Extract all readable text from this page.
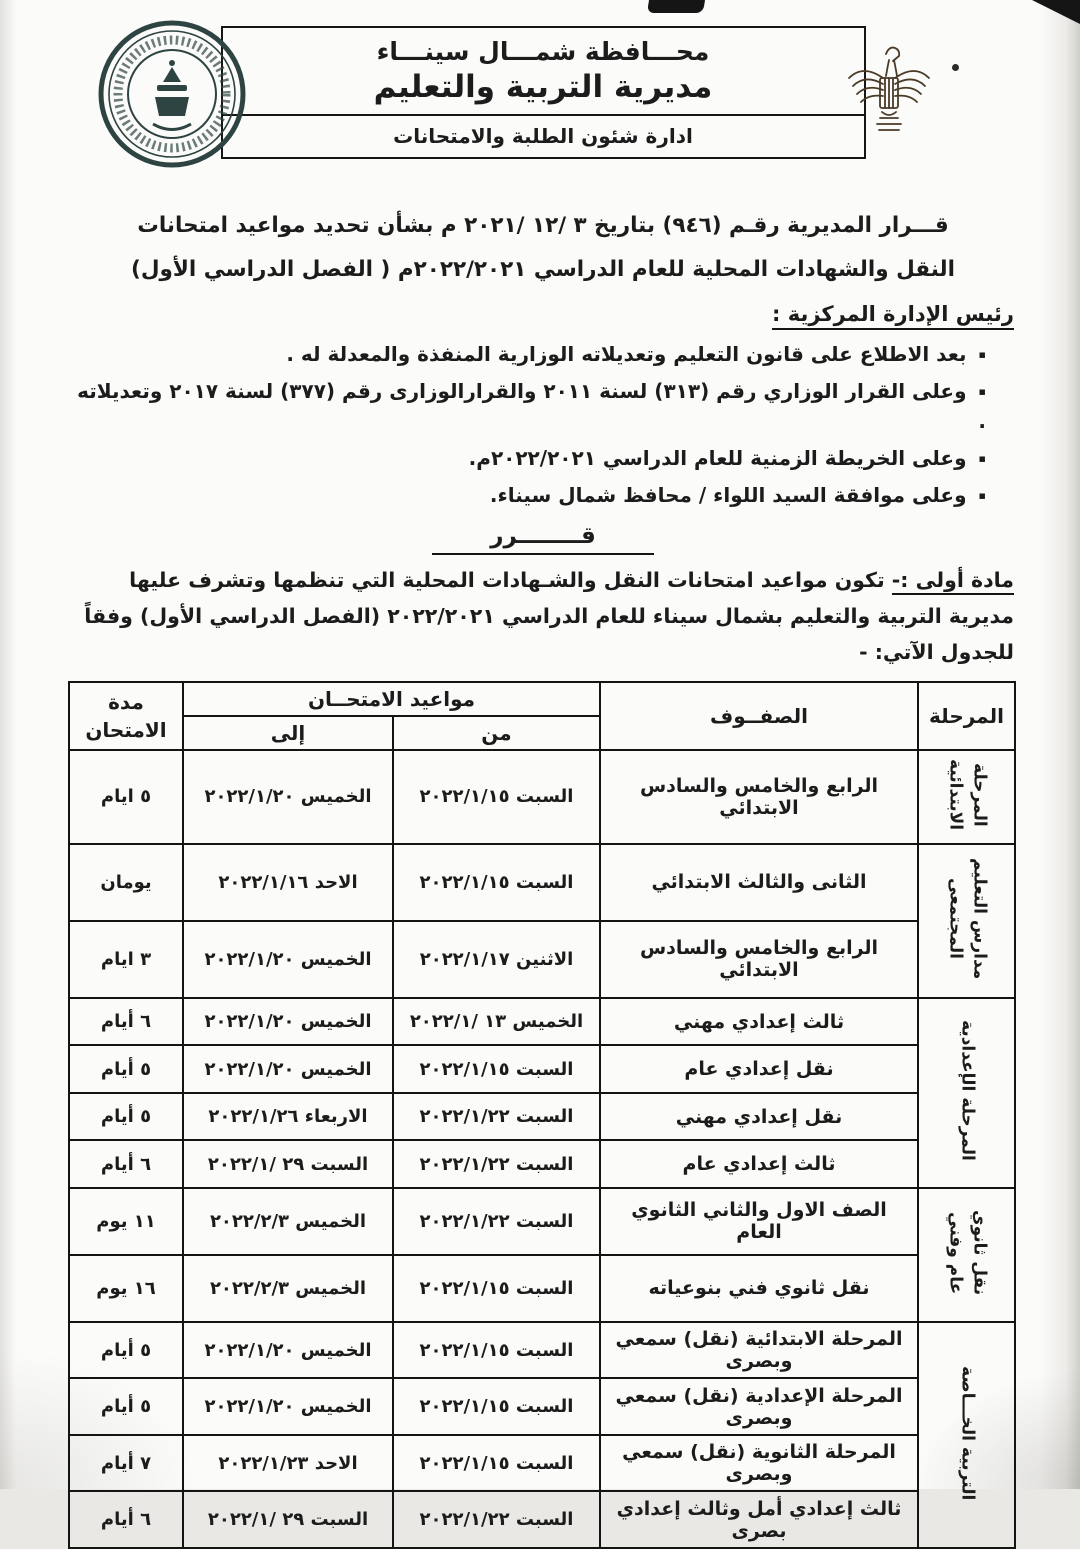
محـــافظة شمـــال سينـــاء
مديرية التربية والتعليم
ادارة شئون الطلبة والامتحانات
قـــرار المديرية رقـم (٩٤٦) بتاريخ ٣ /١٢ /٢٠٢١ م بشأن تحديد مواعيد امتحانات
النقل والشهادات المحلية للعام الدراسي ٢٠٢٢/٢٠٢١م ( الفصل الدراسي الأول)
رئيس الإدارة المركزية :
▪بعد الاطلاع على قانون التعليم وتعديلاته الوزارية المنفذة والمعدلة له .
▪وعلى القرار الوزاري رقم (٣١٣) لسنة ٢٠١١ والقرارالوزارى رقم (٣٧٧) لسنة ٢٠١٧ وتعديلاته .
▪وعلى الخريطة الزمنية للعام الدراسي ٢٠٢٢/٢٠٢١م.
▪وعلى موافقة السيد اللواء / محافظ شمال سيناء.
قــــــــرر

مادة أولى :- تكون مواعيد امتحانات النقل والشـهادات المحلية التي تنظمها وتشرف عليها مديرية التربية والتعليم بشمال سيناء للعام الدراسي ٢٠٢٢/٢٠٢١ (الفصل الدراسي الأول) وفقاً للجدول الآتي: -

المرحلة	الصفــوف	مواعيد الامتحــان		مدة الامتحان
		من	إلى	
المرحلة الابتدائية	الرابع والخامس والسادس الابتدائي	السبت ٢٠٢٢/١/١٥	الخميس ٢٠٢٢/١/٢٠	٥ ايام
مدارس التعليم المجتمعى	الثانى والثالث الابتدائي	السبت ٢٠٢٢/١/١٥	الاحد ٢٠٢٢/١/١٦	يومان
	الرابع والخامس والسادس الابتدائي	الاثنين ٢٠٢٢/١/١٧	الخميس ٢٠٢٢/١/٢٠	٣ ايام
المرحلة الإعدادية	ثالث إعدادي مهني	الخميس ١٣ /٢٠٢٢/١	الخميس ٢٠٢٢/١/٢٠	٦ أيام
	نقل إعدادي عام	السبت ٢٠٢٢/١/١٥	الخميس ٢٠٢٢/١/٢٠	٥ أيام
	نقل إعدادي مهني	السبت ٢٠٢٢/١/٢٢	الاربعاء ٢٠٢٢/١/٢٦	٥ أيام
	ثالث إعدادي عام	السبت ٢٠٢٢/١/٢٢	السبت ٢٩ /٢٠٢٢/١	٦ أيام
نقل ثانوي عام وفني	الصف الاول والثاني الثانوي العام	السبت ٢٠٢٢/١/٢٢	الخميس ٢٠٢٢/٢/٣	١١ يوم
	نقل ثانوي فني بنوعياته	السبت ٢٠٢٢/١/١٥	الخميس ٢٠٢٢/٢/٣	١٦ يوم
التربية الخـــاصة	المرحلة الابتدائية (نقل) سمعي وبصرى	السبت ٢٠٢٢/١/١٥	الخميس ٢٠٢٢/١/٢٠	٥ أيام
	المرحلة الإعدادية (نقل) سمعي وبصرى	السبت ٢٠٢٢/١/١٥	الخميس ٢٠٢٢/١/٢٠	٥ أيام
	المرحلة الثانوية (نقل) سمعي وبصرى	السبت ٢٠٢٢/١/١٥	الاحد ٢٠٢٢/١/٢٣	٧ أيام
	ثالث إعدادي أمل وثالث إعدادي بصرى	السبت ٢٠٢٢/١/٢٢	السبت ٢٩ /٢٠٢٢/١	٦ أيام
